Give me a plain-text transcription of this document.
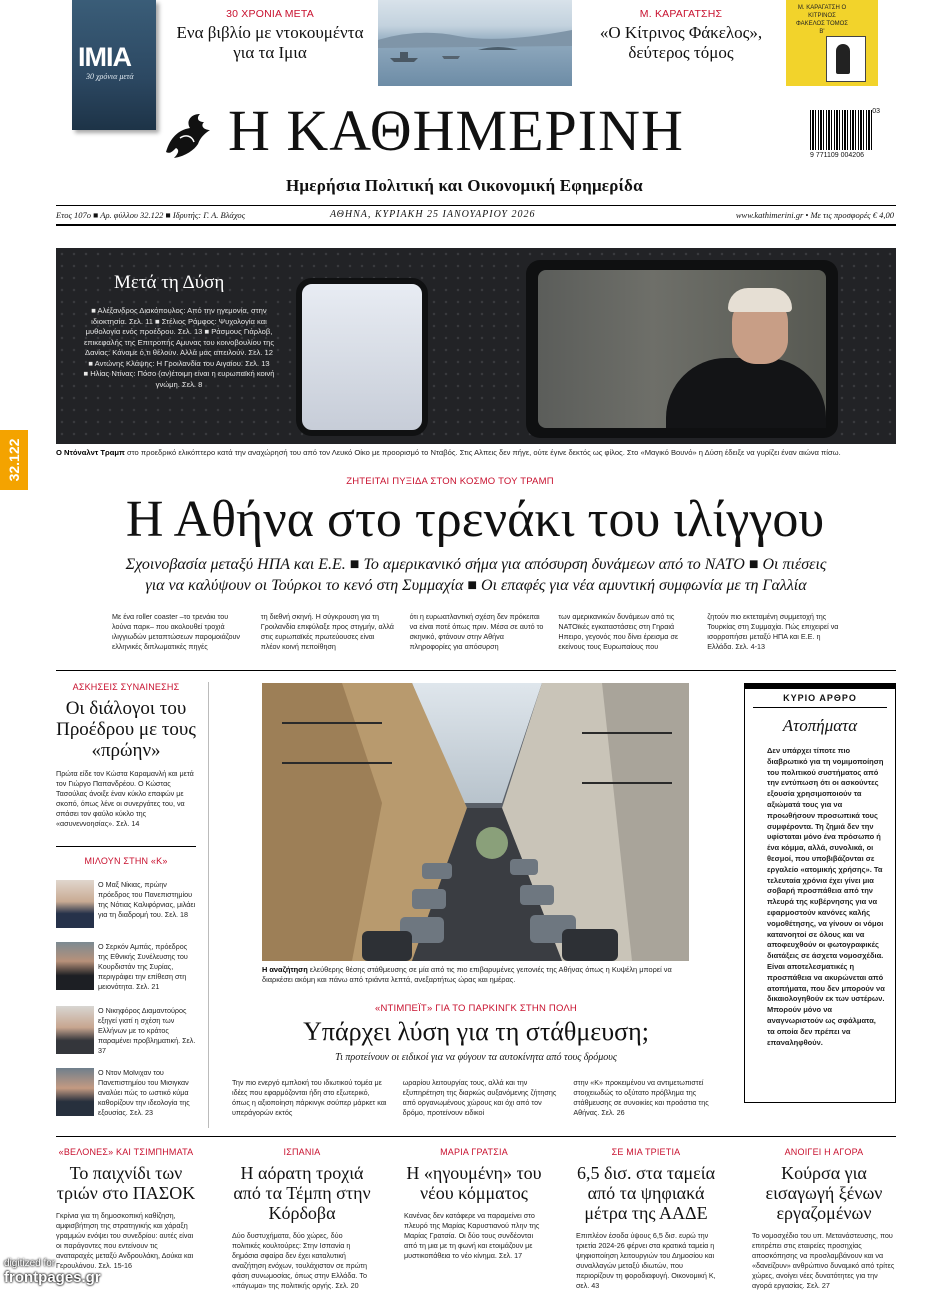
ΙΜΙΑ
30 χρόνια μετά
30 ΧΡΟΝΙΑ ΜΕΤΑ
Ενα βιβλίο με ντοκουμέντα για τα Ιμια
Μ. ΚΑΡΑΓΑΤΣΗΣ
«Ο Κίτρινος Φάκελος», δεύτερος τόμος
Μ. ΚΑΡΑΓΑΤΣΗ Ο ΚΙΤΡΙΝΟΣ ΦΑΚΕΛΟΣ ΤΟΜΟΣ Β'
Η ΚΑΘΗΜΕΡΙΝΗ
Ημερήσια Πολιτική και Οικονομική Εφημερίδα
03
9 771109 004206
Ετος 107ο ■ Αρ. φύλλου 32.122 ■ Ιδρυτής: Γ. Α. Βλάχος	ΑΘΗΝΑ, ΚΥΡΙΑΚΗ 25 ΙΑΝΟΥΑΡΙΟΥ 2026	www.kathimerini.gr • Με τις προσφορές € 4,00
32.122
Μετά τη Δύση
■ Αλέξανδρος Διακόπουλος: Από την ηγεμονία, στην ιδιοκτησία. Σελ. 11 ■ Στέλιος Ράμφος: Ψυχολογία και μυθολογία ενός προέδρου. Σελ. 13 ■ Ράσμους Γιάρλοβ, επικεφαλής της Επιτροπής Αμυνας του κοινοβουλίου της Δανίας: Κάναμε ό,τι θέλουν. Αλλά μας απειλούν. Σελ. 12
■ Αντώνης Κλάψης: Η Γροιλανδία του Αιγαίου. Σελ. 13
■ Ηλίας Ντίνας: Πόσο (αν)έτοιμη είναι η ευρωπαϊκή κοινή γνώμη. Σελ. 8
Ο Ντόναλντ Τραμπ στο προεδρικό ελικόπτερο κατά την αναχώρησή του από τον Λευκό Οίκο με προορισμό το Νταβός. Στις Αλπεις δεν πήγε, ούτε έγινε δεκτός ως φίλος. Στο «Μαγικό Βουνό» η Δύση έδειξε να γυρίζει έναν αιώνα πίσω.
ΖΗΤΕΙΤΑΙ ΠΥΞΙΔΑ ΣΤΟΝ ΚΟΣΜΟ ΤΟΥ ΤΡΑΜΠ
Η Αθήνα στο τρενάκι του ιλίγγου
Σχοινοβασία μεταξύ ΗΠΑ και Ε.Ε. ■ Το αμερικανικό σήμα για απόσυρση δυνάμεων από το ΝΑΤΟ ■ Οι πιέσεις
για να καλύψουν οι Τούρκοι το κενό στη Συμμαχία ■ Οι επαφές για νέα αμυντική συμφωνία με τη Γαλλία
Με ένα roller coaster –το τρενάκι του λούνα παρκ– που ακολουθεί τροχιά ιλιγγιωδών μεταπτώσεων παρομοιάζουν ελληνικές διπλωματικές πηγές
τη διεθνή σκηνή. Η σύγκρουση για τη Γροιλανδία επιφύλαξε προς στιγμήν, αλλά στις ευρωπαϊκές πρωτεύουσες είναι πλέον κοινή πεποίθηση
ότι η ευρωατλαντική σχέση δεν πρόκειται να είναι ποτέ όπως πριν. Μέσα σε αυτό το σκηνικό, φτάνουν στην Αθήνα πληροφορίες για απόσυρση
των αμερικανικών δυνάμεων από τις ΝΑΤΟϊκές εγκαταστάσεις στη Γηραιά Ηπειρο, γεγονός που δίνει έρεισμα σε εκείνους τους Ευρωπαίους που
ζητούν πιο εκτεταμένη συμμετοχή της Τουρκίας στη Συμμαχία. Πώς επιχειρεί να ισορροπήσει μεταξύ ΗΠΑ και Ε.Ε. η Ελλάδα. Σελ. 4-13
ΑΣΚΗΣΕΙΣ ΣΥΝΑΙΝΕΣΗΣ
Οι διάλογοι του Προέδρου με τους «πρώην»
Πρώτα είδε τον Κώστα Καραμανλή και μετά τον Γιώργο Παπανδρέου. Ο Κώστας Τασούλας άνοιξε έναν κύκλο επαφών με σκοπό, όπως λένε οι συνεργάτες του, να σπάσει τον φαύλο κύκλο της «ασυνεννοησίας». Σελ. 14
ΜΙΛΟΥΝ ΣΤΗΝ «Κ»
Ο Μαξ Νίκιας, πρώην πρόεδρος του Πανεπιστημίου της Νότιας Καλιφόρνιας, μιλάει για τη διαδρομή του. Σελ. 18
Ο Σερκόν Αμπάς, πρόεδρος της Εθνικής Συνέλευσης του Κουρδιστάν της Συρίας, περιγράφει την επίθεση στη μειονότητα. Σελ. 21
Ο Νικηφόρος Διαμαντούρος εξηγεί γιατί η σχέση των Ελλήνων με το κράτος παραμένει προβληματική. Σελ. 37
Ο Ντον Μοϊνιχαν του Πανεπιστημίου του Μισιγκαν αναλύει πώς το ωστικό κύμα καθορίζουν την ιδεολογία της εξουσίας. Σελ. 23
Η αναζήτηση ελεύθερης θέσης στάθμευσης σε μία από τις πιο επιβαρυμένες γειτονιές της Αθήνας όπως η Κυψέλη μπορεί να διαρκέσει ακόμη και πάνω από τριάντα λεπτά, ανεξαρτήτως ώρας και ημέρας.
«ΝΤΙΜΠΕΪΤ» ΓΙΑ ΤΟ ΠΑΡΚΙΝΓΚ ΣΤΗΝ ΠΟΛΗ
Υπάρχει λύση για τη στάθμευση;
Τι προτείνουν οι ειδικοί για να φύγουν τα αυτοκίνητα από τους δρόμους
Την πιο ενεργό εμπλοκή του ιδιωτικού τομέα με ιδέες που εφαρμόζονται ήδη στο εξωτερικό, όπως η αξιοποίηση πάρκινγκ σούπερ μάρκετ και υπεράγορών εκτός
ωραρίου λειτουργίας τους, αλλά και την εξυπηρέτηση της διαρκώς αυξανόμενης ζήτησης από οργανωμένους χώρους και όχι από τον δρόμο, προτείνουν ειδικοί
στην «Κ» προκειμένου να αντιμετωπιστεί στοιχειωδώς το οξύτατο πρόβλημα της στάθμευσης σε συνοικίες και προάστια της Αθήνας. Σελ. 26
ΚΥΡΙΟ ΑΡΘΡΟ
Ατοπήματα
Δεν υπάρχει τίποτε πιο διαβρωτικό για τη νομιμοποίηση του πολιτικού συστήματος από την εντύπωση ότι οι ασκούντες εξουσία χρησιμοποιούν τα αξιώματά τους για να προωθήσουν προσωπικά τους συμφέροντα. Τη ζημιά δεν την υφίσταται μόνο ένα πρόσωπο ή ένα κόμμα, αλλά, συνολικά, οι θεσμοί, που υποβιβάζονται σε εργαλείο «ατομικής χρήσης». Τα τελευταία χρόνια έχει γίνει μια σοβαρή προσπάθεια από την πλευρά της κυβέρνησης για να εφαρμοστούν κανόνες καλής νομοθέτησης, να γίνουν οι νόμοι κατανοητοί σε όλους και να αποφευχθούν οι φωτογραφικές διατάξεις σε άσχετα νομοσχέδια. Είναι αποτελεσματικές η προσπάθεια να ακυρώνεται από ατοπήματα, που δεν μπορούν να δικαιολογηθούν εκ των υστέρων. Μπορούν μόνο να αναγνωριστούν ως σφάλματα, τα οποία δεν πρέπει να επαναληφθούν.
«ΒΕΛΟΝΕΣ» ΚΑΙ ΤΣΙΜΠΗΜΑΤΑ
Το παιχνίδι των τριών στο ΠΑΣΟΚ
Γκρίνια για τη δημοσκοπική καθίζηση, αμφισβήτηση της στρατηγικής και χάραξη γραμμών ενόψει του συνεδρίου: αυτές είναι οι παράγοντες που εντείνουν τις αναταραχές μεταξύ Ανδρουλάκη, Δούκα και Γερουλάνου. Σελ. 15-16
ΙΣΠΑΝΙΑ
Η αόρατη τροχιά από τα Τέμπη στην Κόρδοβα
Δύο δυστυχήματα, δύο χώρες, δύο πολιτικές κουλτούρες: Στην Ισπανία η δημόσια σφαίρα δεν έχει καταλυτική αναζήτηση ενόχων, τουλάχιστον σε πρώτη φάση συνωμοσίας, όπως στην Ελλάδα. Το «πάγωμα» της πολιτικής οργής. Σελ. 20
ΜΑΡΙΑ ΓΡΑΤΣΙΑ
Η «ηγουμένη» του νέου κόμματος
Κανένας δεν κατάφερε να παραμείνει στο πλευρό της Μαρίας Καρυστιανού πλην της Μαρίας Γρατσία. Οι δύο τους συνδέονται από τη μια με τη φωνή και ετοιμάζουν με μυστικοπάθεια το νέο κίνημα. Σελ. 17
ΣΕ ΜΙΑ ΤΡΙΕΤΙΑ
6,5 δισ. στα ταμεία από τα ψηφιακά μέτρα της ΑΑΔΕ
Επιπλέον έσοδα ύψους 6,5 δισ. ευρώ την τριετία 2024-26 φέρνει στα κρατικά ταμεία η ψηφιοποίηση λειτουργιών του Δημοσίου και συναλλαγών μεταξύ ιδιωτών, που περιορίζουν τη φοροδιαφυγή. Οικονομική Κ, σελ. 43
ΑΝΟΙΓΕΙ Η ΑΓΟΡΑ
Κούρσα για εισαγωγή ξένων εργαζομένων
Το νομοσχέδιο του υπ. Μετανάστευσης, που επιτρέπει στις εταιρείες προσηχίας αποσκόπησης να προσλαμβάνουν και να «δανείζουν» ανθρώπινο δυναμικό από τρίτες χώρες, ανοίγει νέες δυνατότητες για την αγορά εργασίας. Σελ. 27
digitized for
frontpages.gr
